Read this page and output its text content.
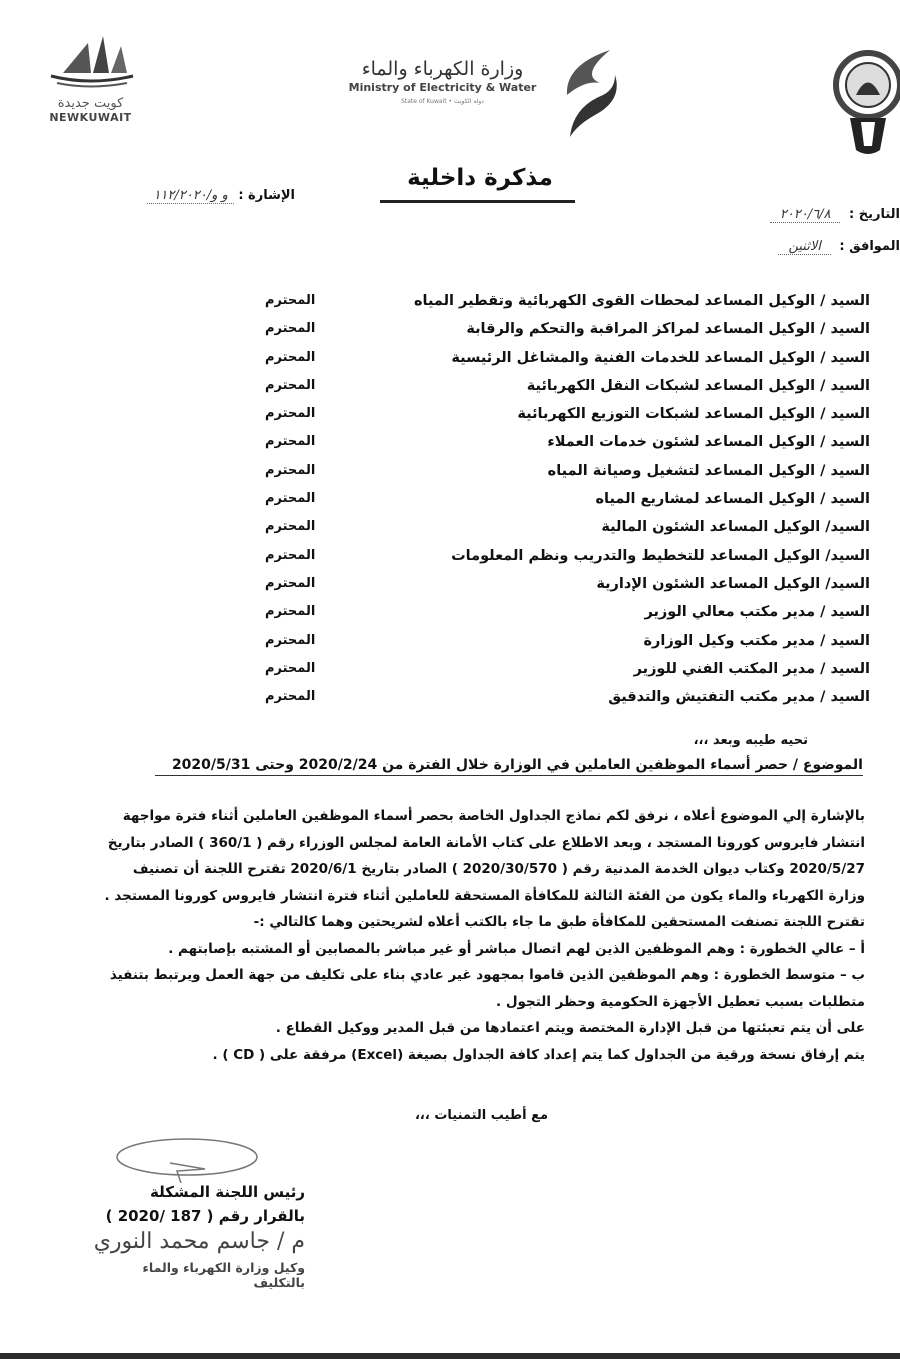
كويت جديدة
NEWKUWAIT
وزارة الكهرباء والماء
Ministry of Electricity & Water
State of Kuwait • دولة الكويت
مذكرة داخلية
الإشارة : و و/١١٢/٢٠٢٠
التاريخ : ٢٠٢٠/٦/٨
الموافق : الاثنين
السيد / الوكيل المساعد لمحطات القوى الكهربائية وتقطير المياه
المحترم
السيد / الوكيل المساعد لمراكز المراقبة والتحكم والرقابة
المحترم
السيد / الوكيل المساعد للخدمات الفنية والمشاغل الرئيسية
المحترم
السيد / الوكيل المساعد لشبكات النقل الكهربائية
المحترم
السيد / الوكيل المساعد لشبكات التوزيع الكهربائية
المحترم
السيد / الوكيل المساعد لشئون خدمات العملاء
المحترم
السيد / الوكيل المساعد لتشغيل وصيانة المياه
المحترم
السيد / الوكيل المساعد لمشاريع المياه
المحترم
السيد/ الوكيل المساعد الشئون المالية
المحترم
السيد/ الوكيل المساعد للتخطيط والتدريب ونظم المعلومات
المحترم
السيد/ الوكيل المساعد الشئون الإدارية
المحترم
السيد / مدير مكتب معالي الوزير
المحترم
السيد / مدير مكتب وكيل الوزارة
المحترم
السيد / مدير المكتب الفني للوزير
المحترم
السيد / مدير مكتب التفتيش والتدقيق
المحترم
تحيه طيبه وبعد ،،،
الموضوع / حصر أسماء الموظفين العاملين في الوزارة خلال الفترة من 2020/2/24 وحتى 2020/5/31

بالإشارة إلي الموضوع أعلاه ، نرفق لكم نماذج الجداول الخاصة بحصر أسماء الموظفين العاملين أثناء فترة مواجهة

انتشار فايروس كورونا المستجد ، وبعد الاطلاع على كتاب الأمانة العامة لمجلس الوزراء رقم ( 360/1 ) الصادر بتاريخ

2020/5/27 وكتاب ديوان الخدمة المدنية رقم ( 2020/30/570 ) الصادر بتاريخ 2020/6/1 تقترح اللجنة أن تصنيف

وزارة الكهرباء والماء يكون من الفئة الثالثة للمكافأة المستحقة للعاملين أثناء فترة انتشار فايروس كورونا المستجد .

تقترح اللجنة تصنفت المستحقين للمكافأة طبق ما جاء بالكتب أعلاه لشريحتين وهما كالتالي :-

أ – عالي الخطورة : وهم الموظفين الذين لهم اتصال مباشر أو غير مباشر بالمصابين أو المشتبه بإصابتهم .

ب – متوسط الخطورة : وهم الموظفين الذين قاموا بمجهود غير عادي بناء على تكليف من جهة العمل ويرتبط بتنفيذ

متطلبات بسبب تعطيل الأجهزة الحكومية وحظر التجول .

على أن يتم تعبئتها من قبل الإدارة المختصة ويتم اعتمادها من قبل المدير ووكيل القطاع .

يتم إرفاق نسخة ورقية من الجداول كما يتم إعداد كافة الجداول بصيغة (Excel) مرفقة على ( CD ) .

مع أطيب التمنيات ،،،
رئيس اللجنة المشكلة
بالقرار رقم ( 187 /2020 )
م / جاسم محمد النوري
وكيل وزارة الكهرباء والماء بالتكليف
